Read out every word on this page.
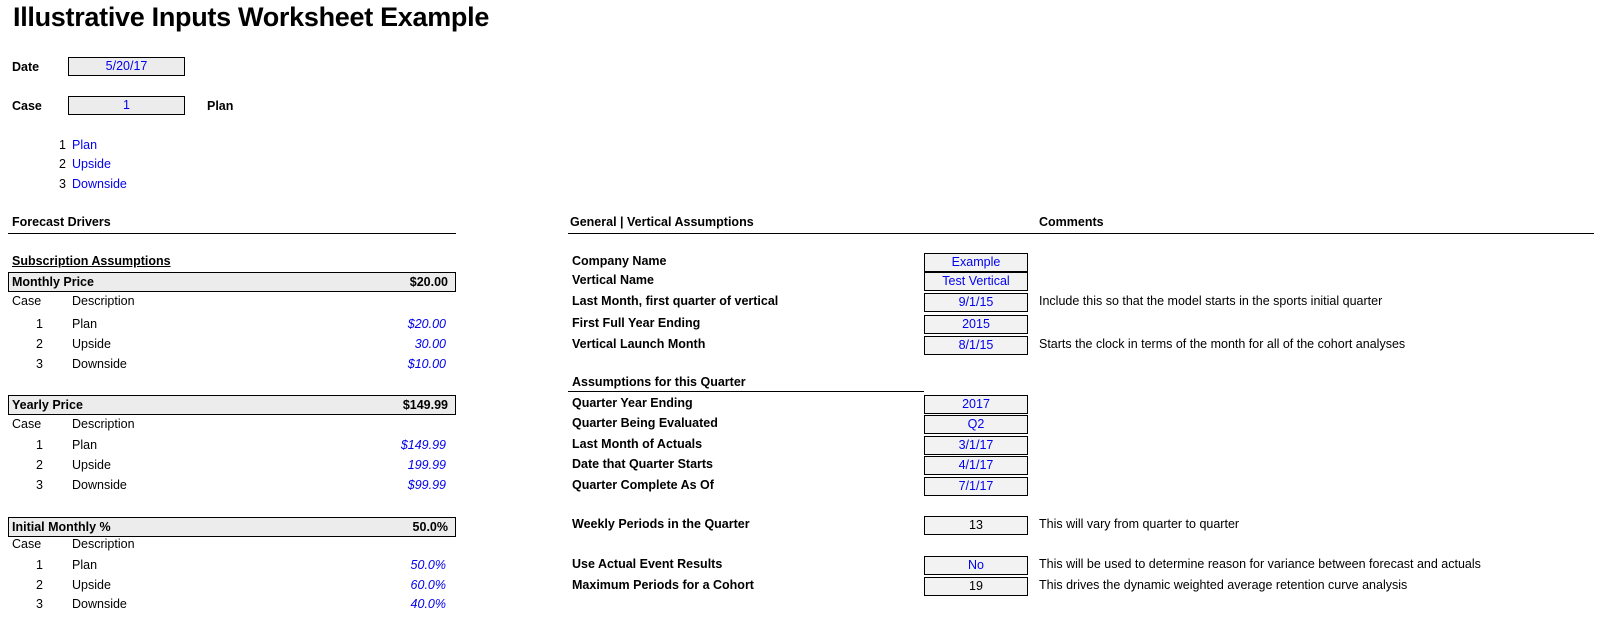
Illustrative Inputs Worksheet Example
Date	5/20/17
Case	1	Plan
1 Plan
2 Upside
3 Downside
Forecast Drivers	General | Vertical Assumptions	Comments
Subscription Assumptions
Monthly Price	$20.00
Case Description
1 Plan	$20.00
2 Upside	30.00
3 Downside	$10.00
Yearly Price	$149.99
Case Description
1 Plan	$149.99
2 Upside	199.99
3 Downside	$99.99
Initial Monthly %	50.0%
Case Description
1 Plan	50.0%
2 Upside	60.0%
3 Downside	40.0%
Company Name	Example
Vertical Name	Test Vertical
Last Month, first quarter of vertical	9/1/15	Include this so that the model starts in the sports initial quarter
First Full Year Ending	2015
Vertical Launch Month	8/1/15	Starts the clock in terms of the month for all of the cohort analyses
Assumptions for this Quarter
Quarter Year Ending	2017
Quarter Being Evaluated	Q2
Last Month of Actuals	3/1/17
Date that Quarter Starts	4/1/17
Quarter Complete As Of	7/1/17
Weekly Periods in the Quarter	13	This will vary from quarter to quarter
Use Actual Event Results	No	This will be used to determine reason for variance between forecast and actuals
Maximum Periods for a Cohort	19	This drives the dynamic weighted average retention curve analysis
